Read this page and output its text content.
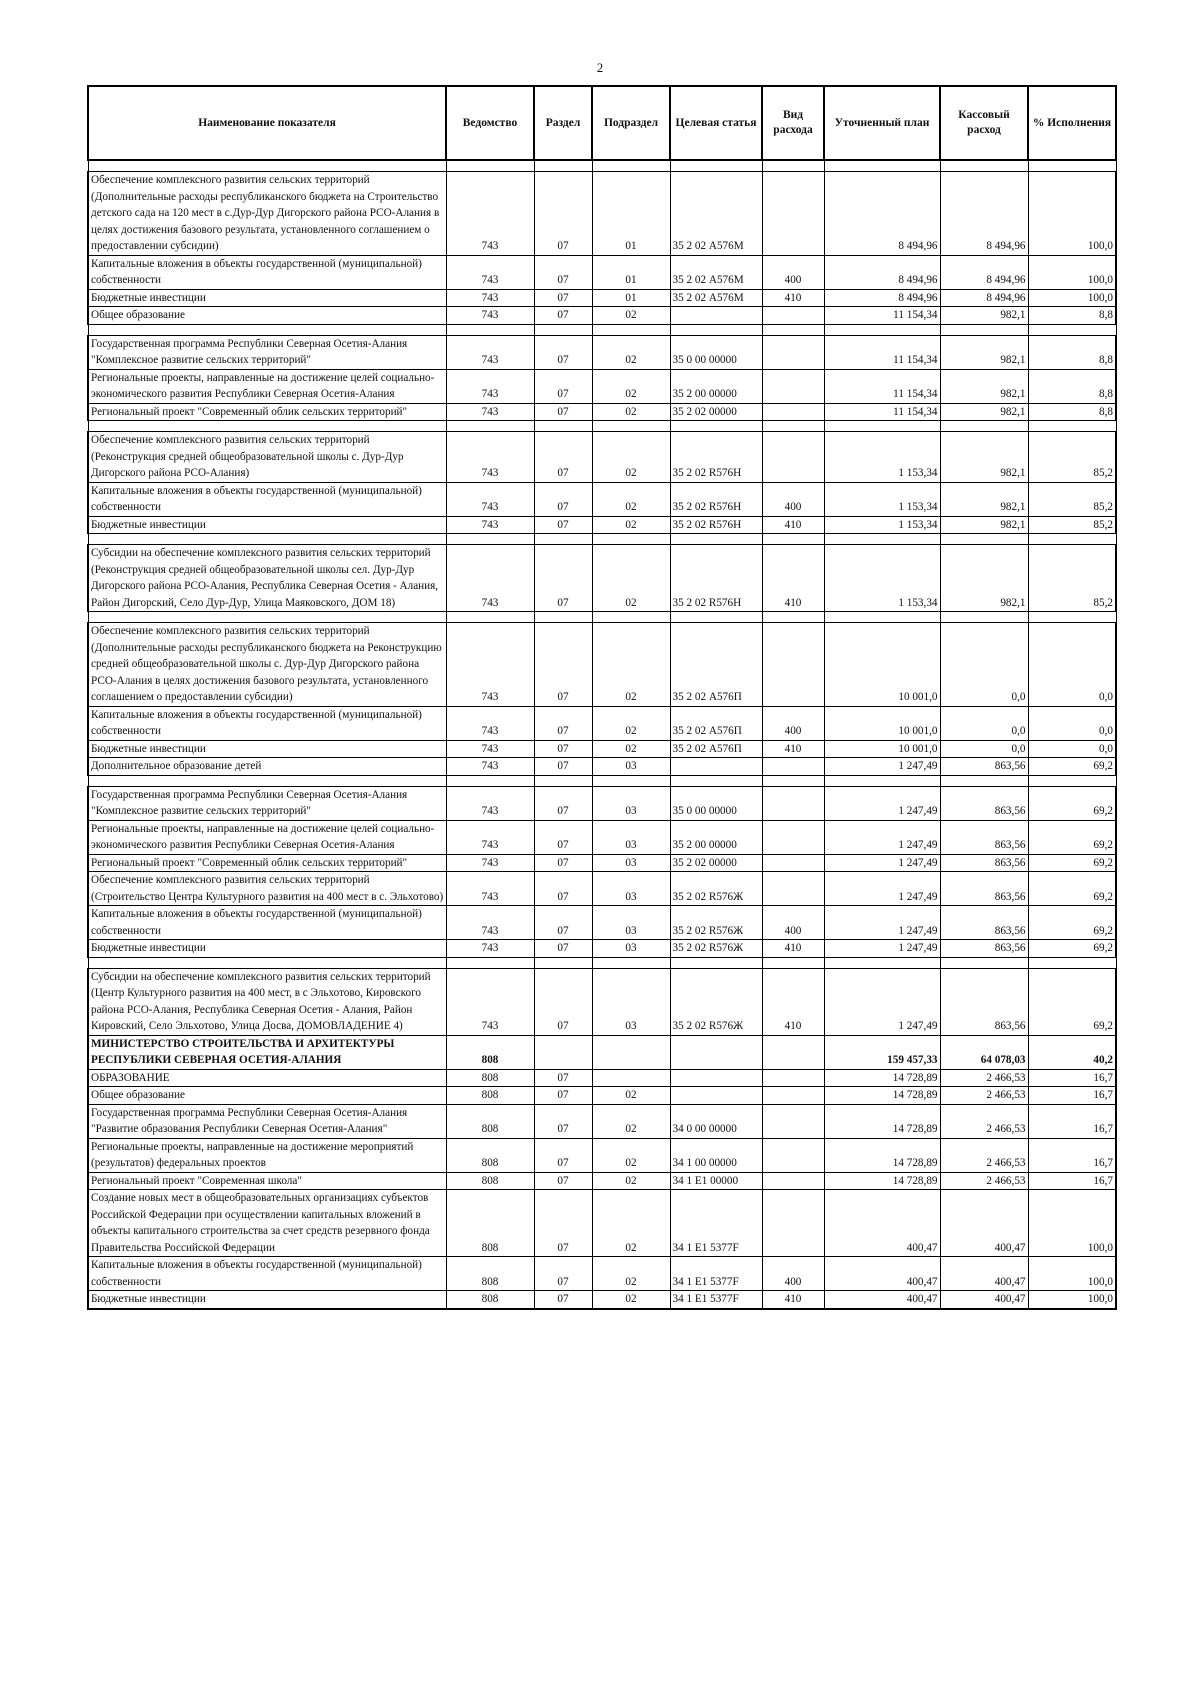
2
Наименование показателя	Ведомство	Раздел	Подраздел	Целевая статья	Вид расхода	Уточненный план	Кассовый расход	% Исполнения

Обеспечение комплексного развития сельских территорий (Дополнительные расходы республиканского бюджета на Строительство детского сада на 120 мест в с.Дур-Дур Дигорского района РСО-Алания в целях достижения базового результата, установленного соглашением о предоставлении субсидии)	743	07	01	35 2 02 А576М		8 494,96	8 494,96	100,0
Капитальные вложения в объекты государственной (муниципальной) собственности	743	07	01	35 2 02 А576М	400	8 494,96	8 494,96	100,0
Бюджетные инвестиции	743	07	01	35 2 02 А576М	410	8 494,96	8 494,96	100,0
Общее образование	743	07	02			11 154,34	982,1	8,8

Государственная программа Республики Северная Осетия-Алания "Комплексное развитие сельских территорий"	743	07	02	35 0 00 00000		11 154,34	982,1	8,8
Региональные проекты, направленные на достижение целей социально-экономического развития Республики Северная Осетия-Алания	743	07	02	35 2 00 00000		11 154,34	982,1	8,8
Региональный проект "Современный облик сельских территорий"	743	07	02	35 2 02 00000		11 154,34	982,1	8,8

Обеспечение комплексного развития сельских территорий (Реконструкция средней общеобразовательной школы с. Дур-Дур Дигорского района РСО-Алания)	743	07	02	35 2 02 R576Н		1 153,34	982,1	85,2
Капитальные вложения в объекты государственной (муниципальной) собственности	743	07	02	35 2 02 R576Н	400	1 153,34	982,1	85,2
Бюджетные инвестиции	743	07	02	35 2 02 R576Н	410	1 153,34	982,1	85,2

Субсидии на обеспечение комплексного развития сельских территорий (Реконструкция средней общеобразовательной школы сел. Дур-Дур Дигорского района РСО-Алания, Республика Северная Осетия - Алания, Район Дигорский, Село Дур-Дур, Улица Маяковского, ДОМ 18)	743	07	02	35 2 02 R576Н	410	1 153,34	982,1	85,2

Обеспечение комплексного развития сельских территорий (Дополнительные расходы республиканского бюджета на Реконструкцию средней общеобразовательной школы с. Дур-Дур Дигорского района РСО-Алания в целях достижения базового результата, установленного соглашением о предоставлении субсидии)	743	07	02	35 2 02 А576П		10 001,0	0,0	0,0
Капитальные вложения в объекты государственной (муниципальной) собственности	743	07	02	35 2 02 А576П	400	10 001,0	0,0	0,0
Бюджетные инвестиции	743	07	02	35 2 02 А576П	410	10 001,0	0,0	0,0
Дополнительное образование детей	743	07	03			1 247,49	863,56	69,2

Государственная программа Республики Северная Осетия-Алания "Комплексное развитие сельских территорий"	743	07	03	35 0 00 00000		1 247,49	863,56	69,2
Региональные проекты, направленные на достижение целей социально-экономического развития Республики Северная Осетия-Алания	743	07	03	35 2 00 00000		1 247,49	863,56	69,2
Региональный проект "Современный облик сельских территорий"	743	07	03	35 2 02 00000		1 247,49	863,56	69,2
Обеспечение комплексного развития сельских территорий (Строительство Центра Культурного развития на 400 мест в с. Эльхотово)	743	07	03	35 2 02 R576Ж		1 247,49	863,56	69,2
Капитальные вложения в объекты государственной (муниципальной) собственности	743	07	03	35 2 02 R576Ж	400	1 247,49	863,56	69,2
Бюджетные инвестиции	743	07	03	35 2 02 R576Ж	410	1 247,49	863,56	69,2

Субсидии на обеспечение комплексного развития сельских территорий (Центр Культурного развития на 400 мест, в с Эльхотово, Кировского района РСО-Алания, Республика Северная Осетия - Алания, Район Кировский, Село Эльхотово, Улица Досва, ДОМОВЛАДЕНИЕ 4)	743	07	03	35 2 02 R576Ж	410	1 247,49	863,56	69,2
МИНИСТЕРСТВО СТРОИТЕЛЬСТВА И АРХИТЕКТУРЫ РЕСПУБЛИКИ СЕВЕРНАЯ ОСЕТИЯ-АЛАНИЯ	808					159 457,33	64 078,03	40,2
ОБРАЗОВАНИЕ	808	07				14 728,89	2 466,53	16,7
Общее образование	808	07	02			14 728,89	2 466,53	16,7
Государственная программа Республики Северная Осетия-Алания "Развитие образования Республики Северная Осетия-Алания"	808	07	02	34 0 00 00000		14 728,89	2 466,53	16,7
Региональные проекты, направленные на достижение мероприятий (результатов) федеральных проектов	808	07	02	34 1 00 00000		14 728,89	2 466,53	16,7
Региональный проект "Современная школа"	808	07	02	34 1 Е1 00000		14 728,89	2 466,53	16,7
Создание новых мест в общеобразовательных организациях субъектов Российской Федерации при осуществлении капитальных вложений в объекты капитального строительства за счет средств резервного фонда Правительства Российской Федерации	808	07	02	34 1 Е1 5377F		400,47	400,47	100,0
Капитальные вложения в объекты государственной (муниципальной) собственности	808	07	02	34 1 Е1 5377F	400	400,47	400,47	100,0
Бюджетные инвестиции	808	07	02	34 1 Е1 5377F	410	400,47	400,47	100,0
